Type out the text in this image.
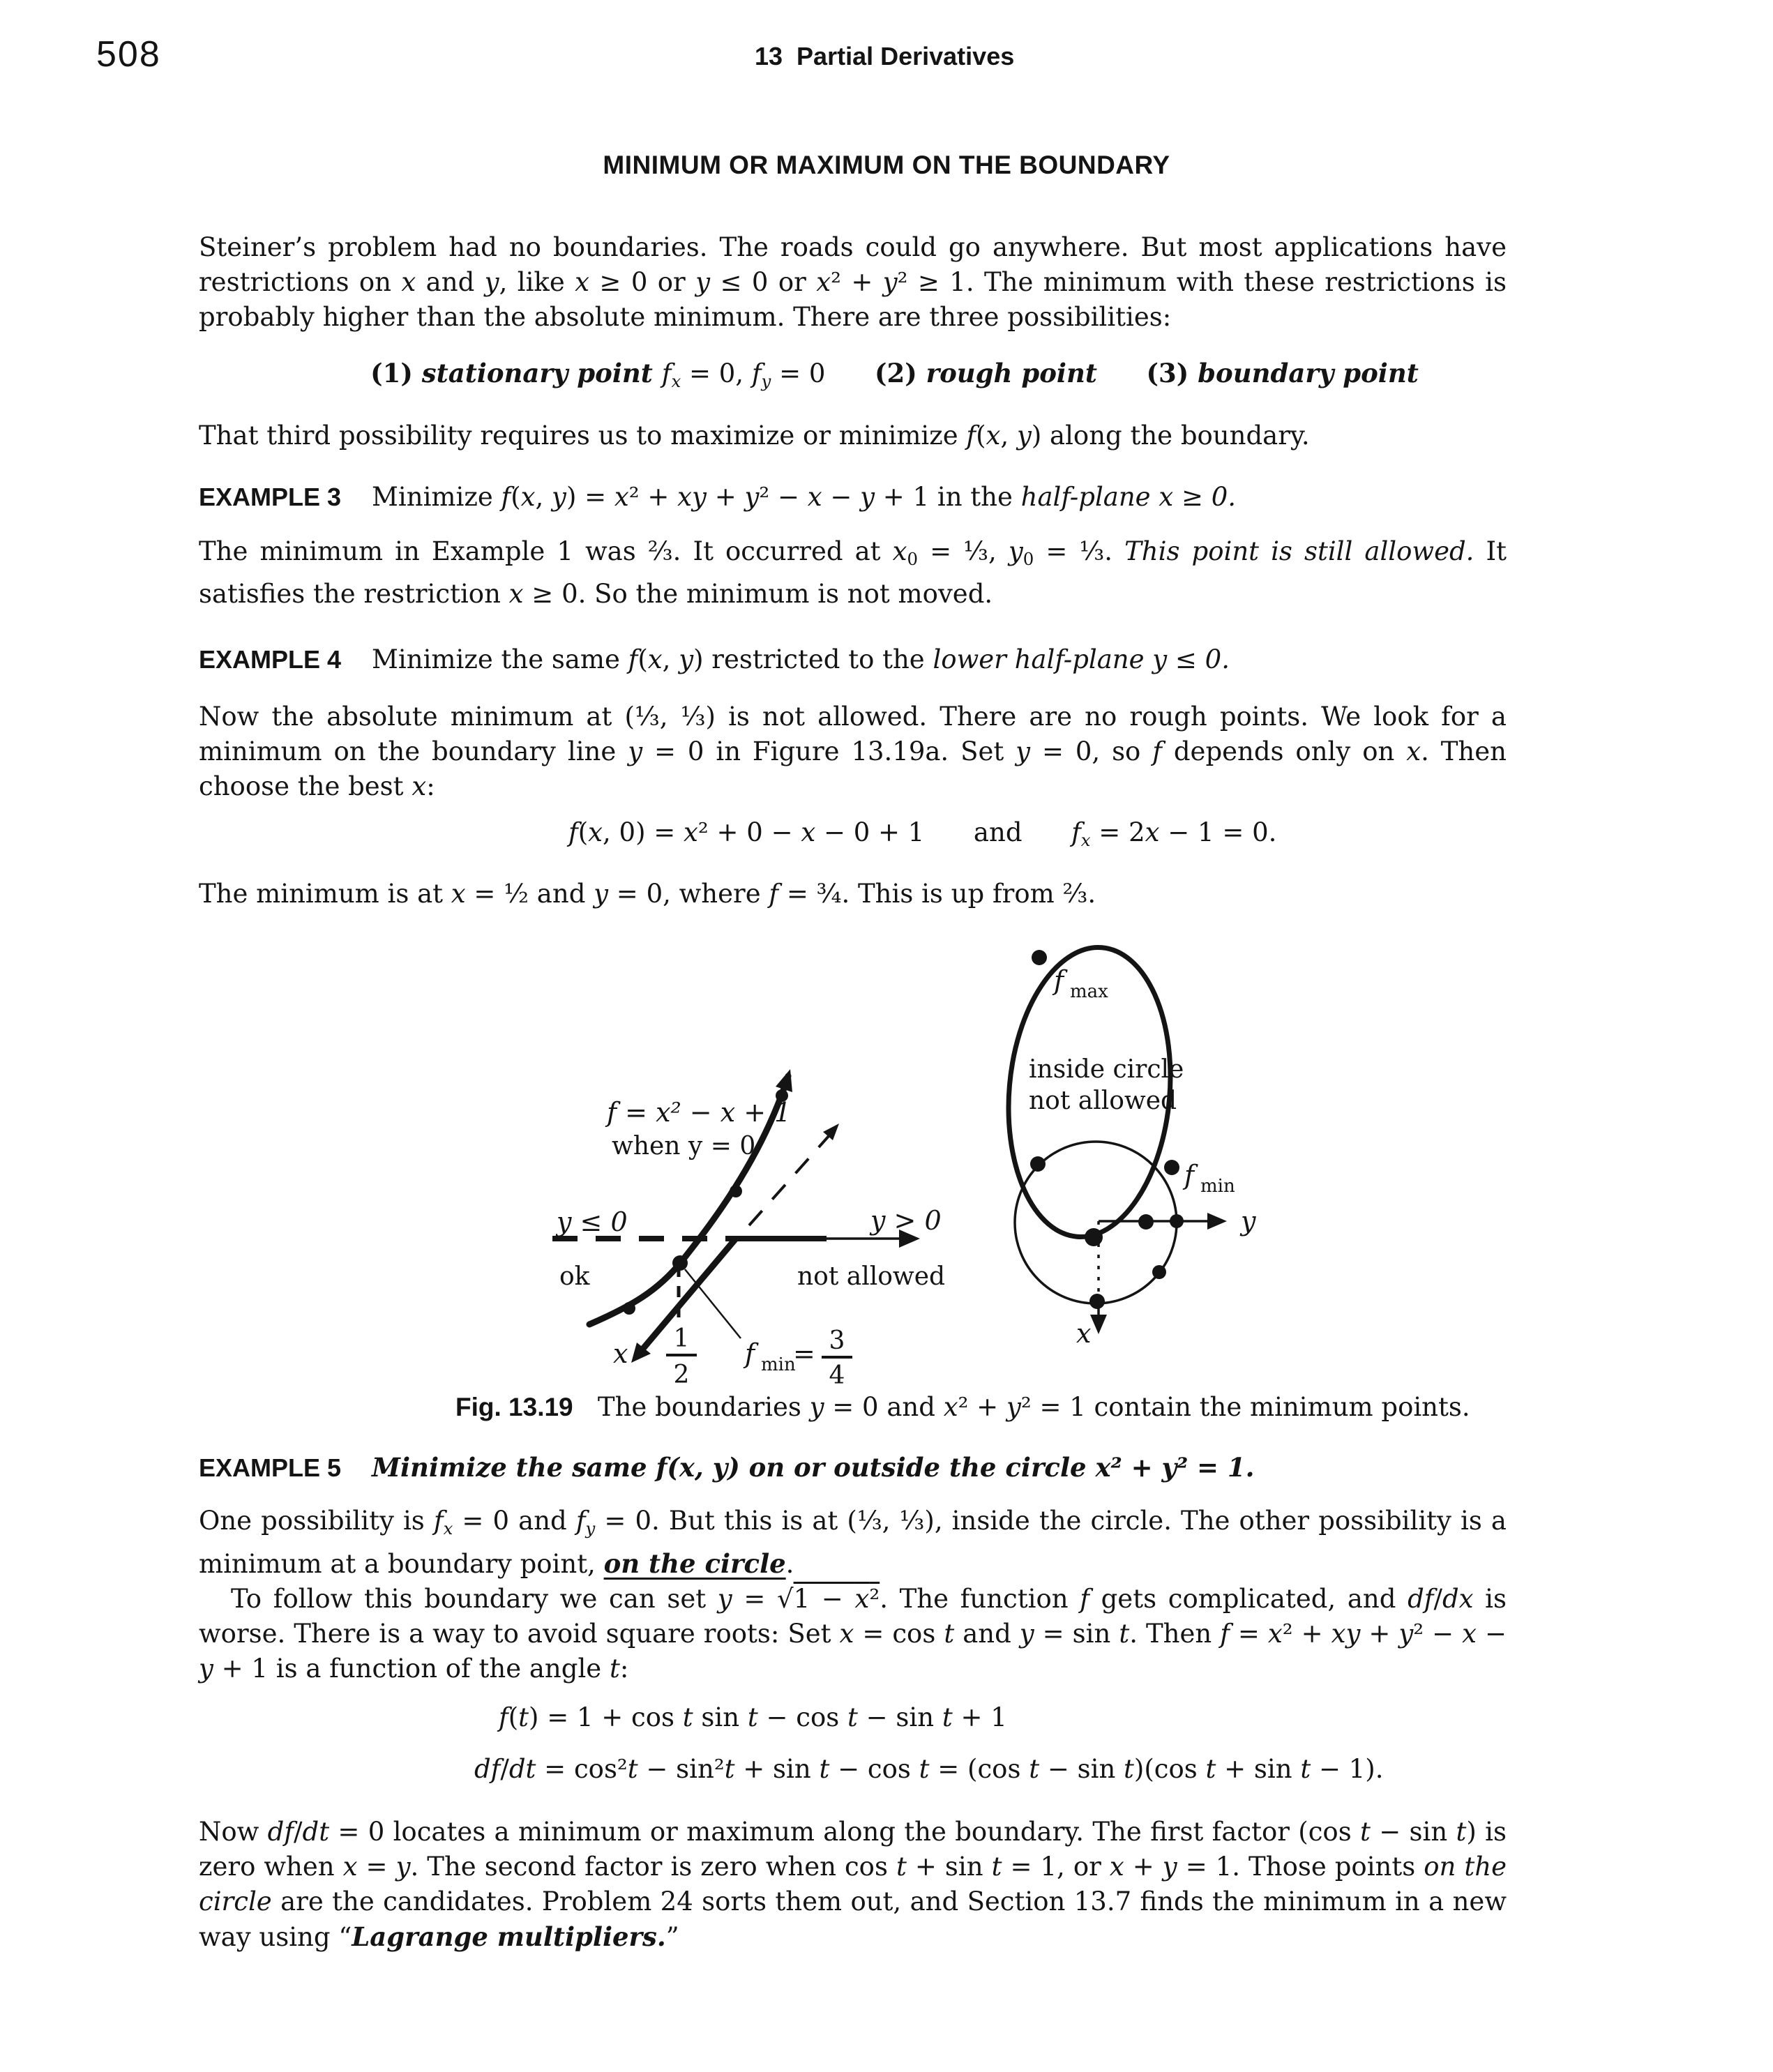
508	13  Partial Derivatives
MINIMUM OR MAXIMUM ON THE BOUNDARY

Steiner’s problem had no boundaries. The roads could go anywhere. But most applications have restrictions on x and y, like x ≥ 0 or y ≤ 0 or x² + y² ≥ 1. The minimum with these restrictions is probably higher than the absolute minimum. There are three possibilities:

(1) stationary point fx = 0, fy = 0 (2) rough point (3) boundary point

That third possibility requires us to maximize or minimize f(x, y) along the boundary.

EXAMPLE 3 Minimize f(x, y) = x² + xy + y² − x − y + 1 in the half-plane x ≥ 0.

The minimum in Example 1 was ⅔. It occurred at x0 = ⅓, y0 = ⅓. This point is still allowed. It satisfies the restriction x ≥ 0. So the minimum is not moved.

EXAMPLE 4 Minimize the same f(x, y) restricted to the lower half-plane y ≤ 0.

Now the absolute minimum at (⅓, ⅓) is not allowed. There are no rough points. We look for a minimum on the boundary line y = 0 in Figure 13.19a. Set y = 0, so f depends only on x. Then choose the best x:

f(x, 0) = x² + 0 − x − 0 + 1      and      fx = 2x − 1 = 0.

The minimum is at x = ½ and y = 0, where f = ¾. This is up from ⅔.

f = x² − x + 1
when y = 0
y ≤ 0
ok
y > 0
not allowed
x 1
2
f min
= 3
4
f max
f min
inside circle
not allowed
y
x

Fig. 13.19   The boundaries y = 0 and x² + y² = 1 contain the minimum points.

EXAMPLE 5 Minimize the same f(x, y) on or outside the circle x² + y² = 1.

One possibility is fx = 0 and fy = 0. But this is at (⅓, ⅓), inside the circle. The other possibility is a minimum at a boundary point, on the circle.

To follow this boundary we can set $y = √1 - \overline{x}^2$. The function f gets complicated, and df/dx is worse. There is a way to avoid square roots: Set x = cos t and y = sin t. Then f = x² + xy + y² − x − y + 1 is a function of the angle t:

f(t) = 1 + cos t sin t − cos t − sin t + 1

df/dt = cos²t − sin²t + sin t − cos t = (cos t − sin t)(cos t + sin t − 1).

Now df/dt = 0 locates a minimum or maximum along the boundary. The first factor (cos t − sin t) is zero when x = y. The second factor is zero when cos t + sin t = 1, or x + y = 1. Those points on the circle are the candidates. Problem 24 sorts them out, and Section 13.7 finds the minimum in a new way using “Lagrange multipliers.”
